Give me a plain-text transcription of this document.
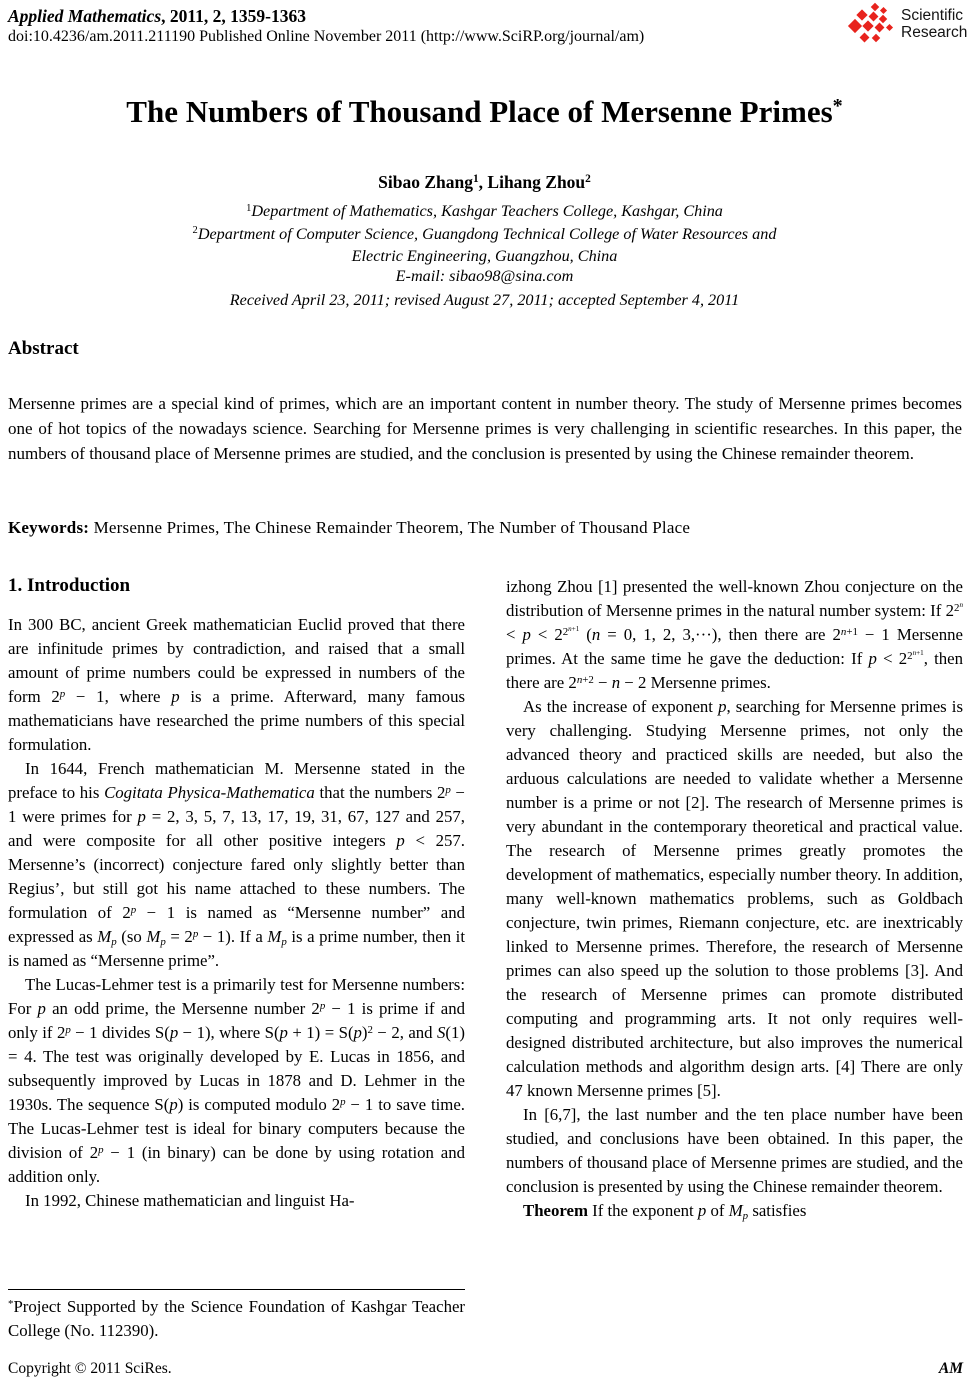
Applied Mathematics, 2011, 2, 1359-1363
doi:10.4236/am.2011.211190 Published Online November 2011 (http://www.SciRP.org/journal/am)
Scientific
Research
The Numbers of Thousand Place of Mersenne Primes*
Sibao Zhang$^1$, Lihang Zhou$^2$
$^1$Department of Mathematics, Kashgar Teachers College, Kashgar, China
$^2$Department of Computer Science, Guangdong Technical College of Water Resources and
Electric Engineering, Guangzhou, China
E-mail: sibao98@sina.com
Received April 23, 2011; revised August 27, 2011; accepted September 4, 2011
Abstract

Mersenne primes are a special kind of primes, which are an important content in number theory. The study of Mersenne primes becomes one of hot topics of the nowadays science. Searching for Mersenne primes is very challenging in scientific researches. In this paper, the numbers of thousand place of Mersenne primes are studied, and the conclusion is presented by using the Chinese remainder theorem.

Keywords: Mersenne Primes, The Chinese Remainder Theorem, The Number of Thousand Place

1. Introduction

In 300 BC, ancient Greek mathematician Euclid proved that there are infinitude primes by contradiction, and raised that a small amount of prime numbers could be expressed in numbers of the form $2^p - 1$, where p is a prime. Afterward, many famous mathematicians have researched the prime numbers of this special formulation.

In 1644, French mathematician M. Mersenne stated in the preface to his Cogitata Physica-Mathematica that the numbers $2^p - 1$ were primes for p = 2, 3, 5, 7, 13, 17, 19, 31, 67, 127 and 257, and were composite for all other positive integers p < 257. Mersenne’s (incorrect) conjecture fared only slightly better than Regius’, but still got his name attached to these numbers. The formulation of $2^p - 1$ is named as “Mersenne number” and expressed as $M_p$ (so $M_p = 2^p - 1$). If a $M_p$ is a prime number, then it is named as “Mersenne prime”.

The Lucas-Lehmer test is a primarily test for Mersenne numbers: For p an odd prime, the Mersenne number $2^p - 1$ is prime if and only if $2^p - 1$ divides S(p − 1), where $S(p + 1) = S(p)^2 - 2$, and S(1) = 4. The test was originally developed by E. Lucas in 1856, and subsequently improved by Lucas in 1878 and D. Lehmer in the 1930s. The sequence S(p) is computed modulo $2^p - 1$ to save time. The Lucas-Lehmer test is ideal for binary computers because the division of $2^p - 1$ (in binary) can be done by using rotation and addition only.

In 1992, Chinese mathematician and linguist Ha-

*Project Supported by the Science Foundation of Kashgar Teacher College (No. 112390).

izhong Zhou [1] presented the well-known Zhou conjecture on the distribution of Mersenne primes in the natural number system: If $2^{2^n} < p < 2^{2^{n+1}}$ (n = 0, 1, 2, 3,···), then there are $2^{n+1} - 1$ Mersenne primes. At the same time he gave the deduction: If $p < 2^{2^{n+1}}$, then there are $2^{n+2} - n - 2$ Mersenne primes.

As the increase of exponent p, searching for Mersenne primes is very challenging. Studying Mersenne primes, not only the advanced theory and practiced skills are needed, but also the arduous calculations are needed to validate whether a Mersenne number is a prime or not [2]. The research of Mersenne primes is very abundant in the contemporary theoretical and practical value. The research of Mersenne primes greatly promotes the development of mathematics, especially number theory. In addition, many well-known mathematics problems, such as Goldbach conjecture, twin primes, Riemann conjecture, etc. are inextricably linked to Mersenne primes. Therefore, the research of Mersenne primes can also speed up the solution to those problems [3]. And the research of Mersenne primes can promote distributed computing and programming arts. It not only requires well-designed distributed architecture, but also improves the numerical calculation methods and algorithm design arts. [4] There are only 47 known Mersenne primes [5].

In [6,7], the last number and the ten place number have been studied, and conclusions have been obtained. In this paper, the numbers of thousand place of Mersenne primes are studied, and the conclusion is presented by using the Chinese remainder theorem.

Theorem If the exponent p of $M_p$ satisfies

Copyright © 2011 SciRes.	AM
